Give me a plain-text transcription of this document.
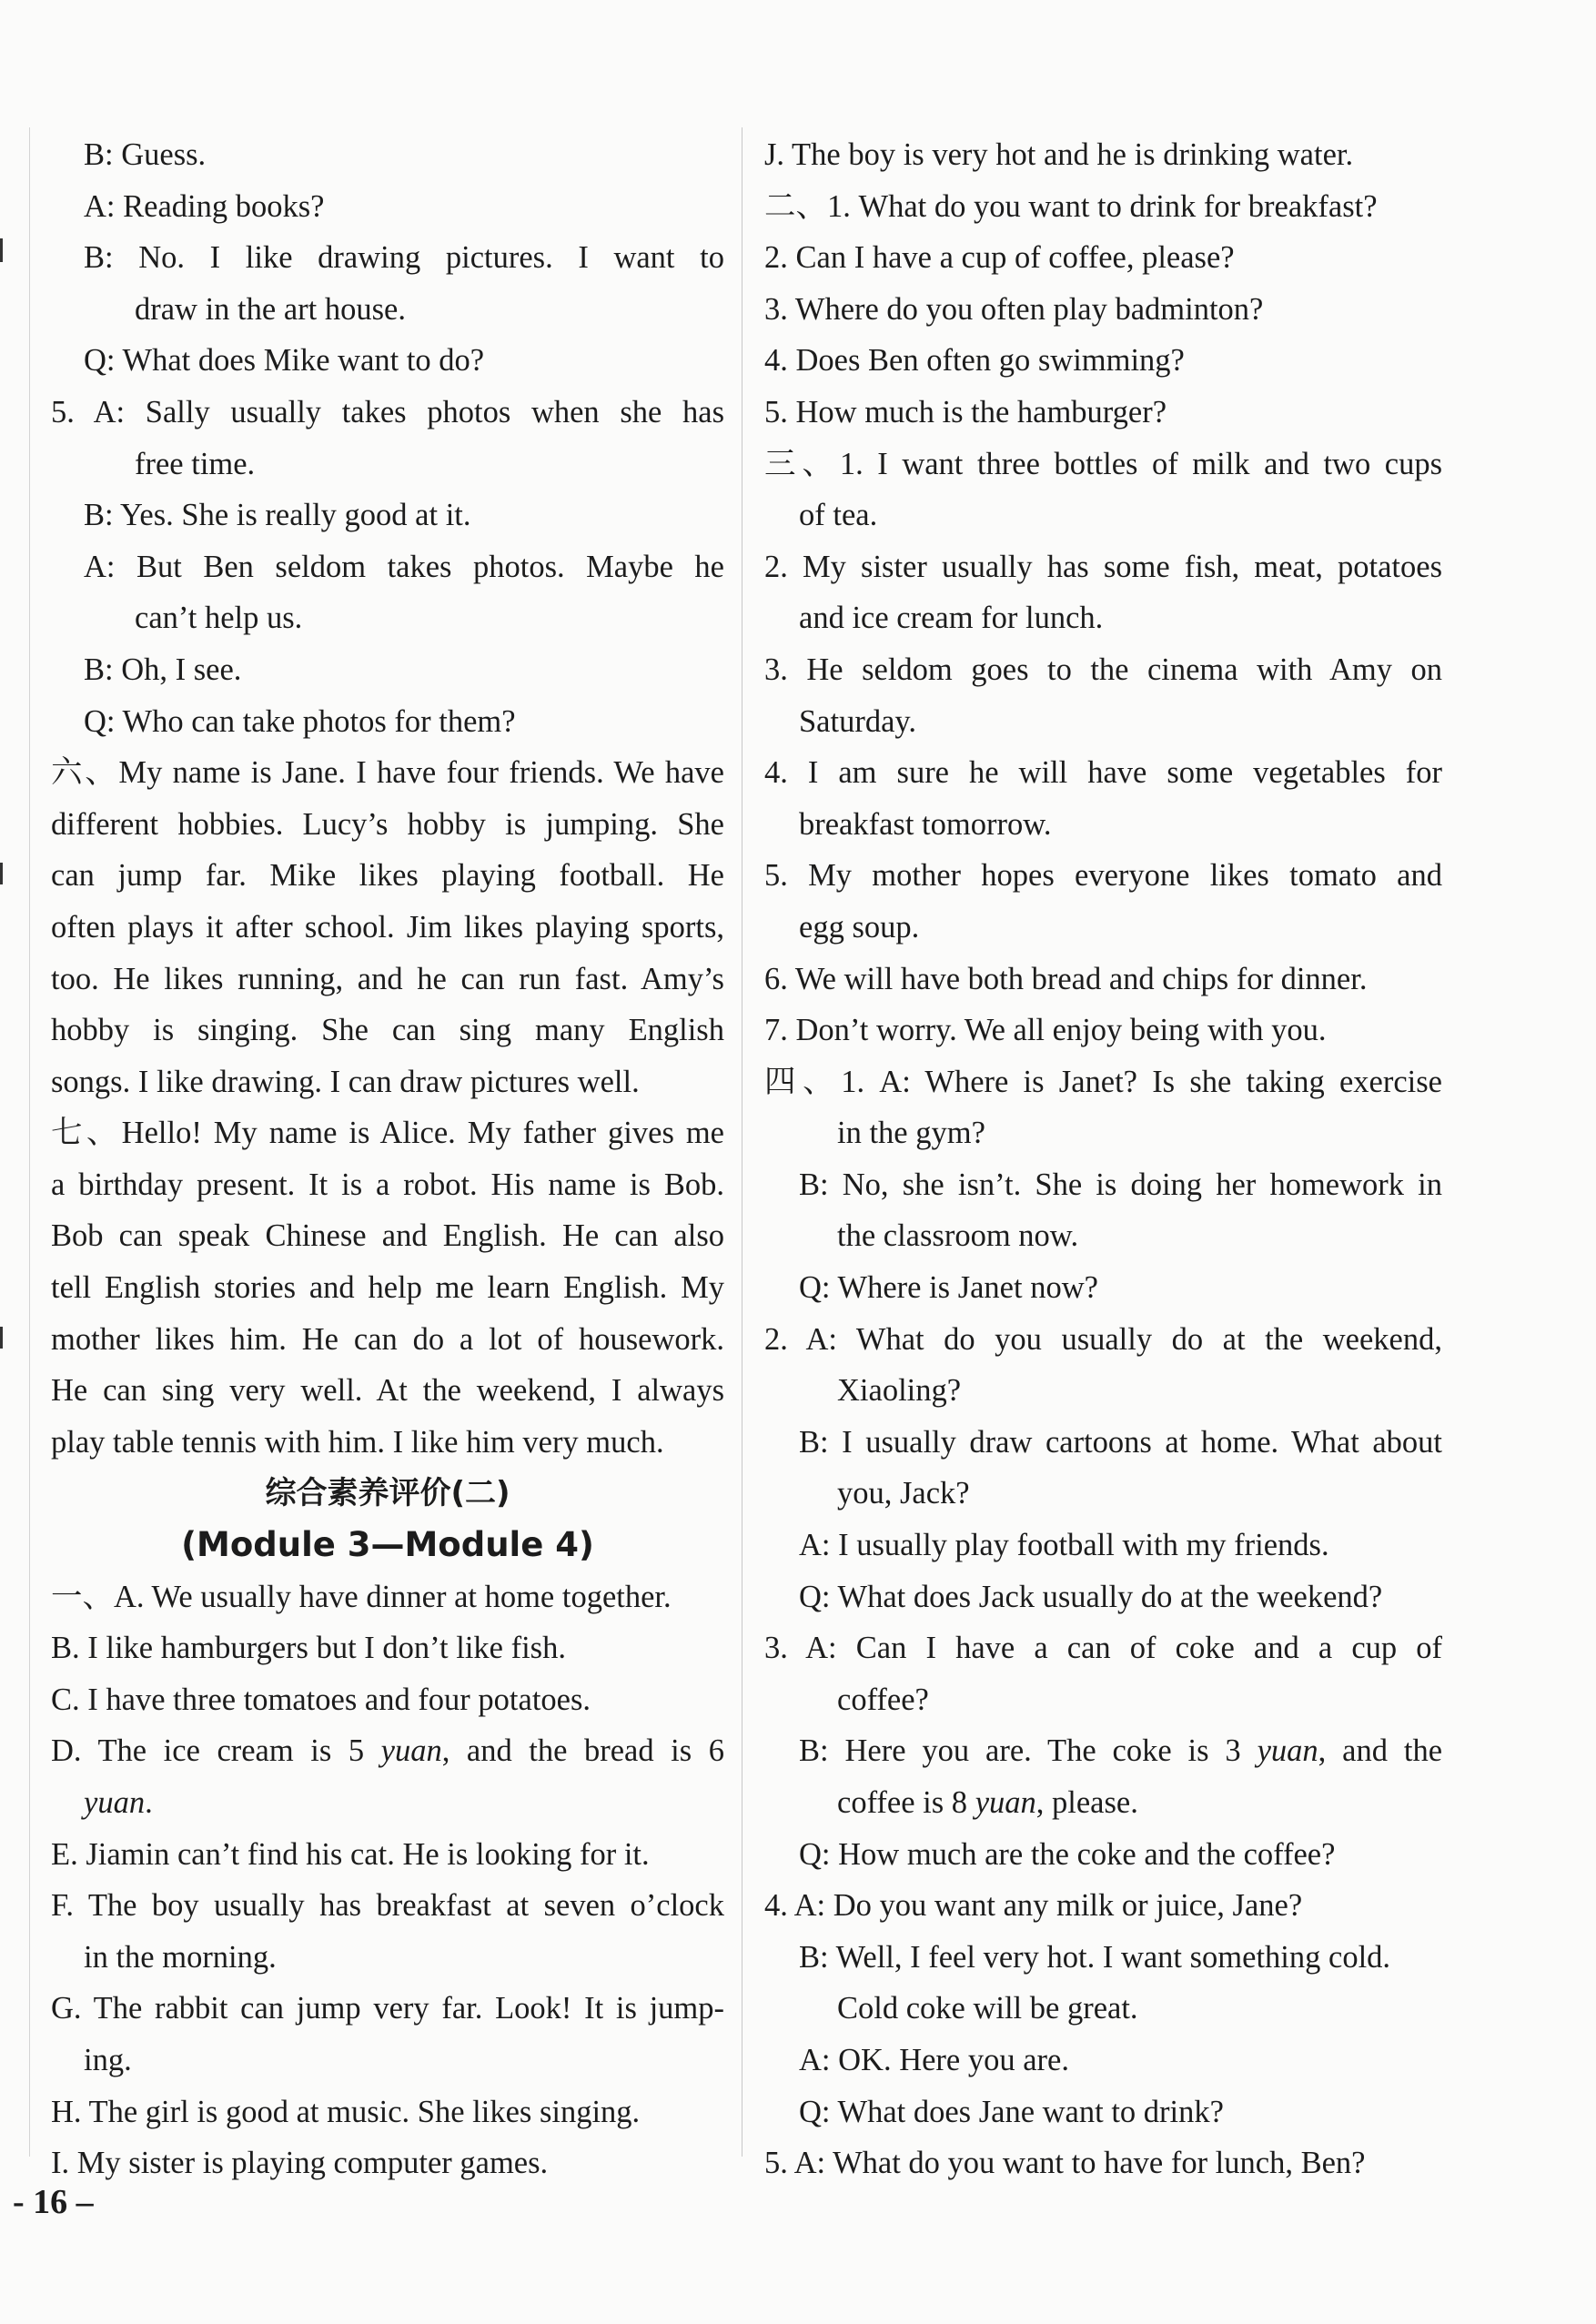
B: Guess.
A: Reading books?
B: No. I like drawing pictures. I want to
draw in the art house.
Q: What does Mike want to do?
5. A: Sally usually takes photos when she has
free time.
B: Yes. She is really good at it.
A: But Ben seldom takes photos. Maybe he
can’t help us.
B: Oh, I see.
Q: Who can take photos for them?
六、My name is Jane. I have four friends. We have
different hobbies. Lucy’s hobby is jumping. She
can jump far. Mike likes playing football. He
often plays it after school. Jim likes playing sports,
too. He likes running, and he can run fast. Amy’s
hobby is singing. She can sing many English
songs. I like drawing. I can draw pictures well.
七、Hello! My name is Alice. My father gives me
a birthday present. It is a robot. His name is Bob.
Bob can speak Chinese and English. He can also
tell English stories and help me learn English. My
mother likes him. He can do a lot of housework.
He can sing very well. At the weekend, I always
play table tennis with him. I like him very much.
综合素养评价(二)
(Module 3—Module 4)
一、A. We usually have dinner at home together.
B. I like hamburgers but I don’t like fish.
C. I have three tomatoes and four potatoes.
D. The ice cream is 5 yuan, and the bread is 6
yuan.
E. Jiamin can’t find his cat. He is looking for it.
F. The boy usually has breakfast at seven o’clock
in the morning.
G. The rabbit can jump very far. Look! It is jump-
ing.
H. The girl is good at music. She likes singing.
I. My sister is playing computer games.
J. The boy is very hot and he is drinking water.
二、1. What do you want to drink for breakfast?
2. Can I have a cup of coffee, please?
3. Where do you often play badminton?
4. Does Ben often go swimming?
5. How much is the hamburger?
三、1. I want three bottles of milk and two cups
of tea.
2. My sister usually has some fish, meat, potatoes
and ice cream for lunch.
3. He seldom goes to the cinema with Amy on
Saturday.
4. I am sure he will have some vegetables for
breakfast tomorrow.
5. My mother hopes everyone likes tomato and
egg soup.
6. We will have both bread and chips for dinner.
7. Don’t worry. We all enjoy being with you.
四、1. A: Where is Janet? Is she taking exercise
in the gym?
B: No, she isn’t. She is doing her homework in
the classroom now.
Q: Where is Janet now?
2. A: What do you usually do at the weekend,
Xiaoling?
B: I usually draw cartoons at home. What about
you, Jack?
A: I usually play football with my friends.
Q: What does Jack usually do at the weekend?
3. A: Can I have a can of coke and a cup of
coffee?
B: Here you are. The coke is 3 yuan, and the
coffee is 8 yuan, please.
Q: How much are the coke and the coffee?
4. A: Do you want any milk or juice, Jane?
B: Well, I feel very hot. I want something cold.
Cold coke will be great.
A: OK. Here you are.
Q: What does Jane want to drink?
5. A: What do you want to have for lunch, Ben?
- 16 –
